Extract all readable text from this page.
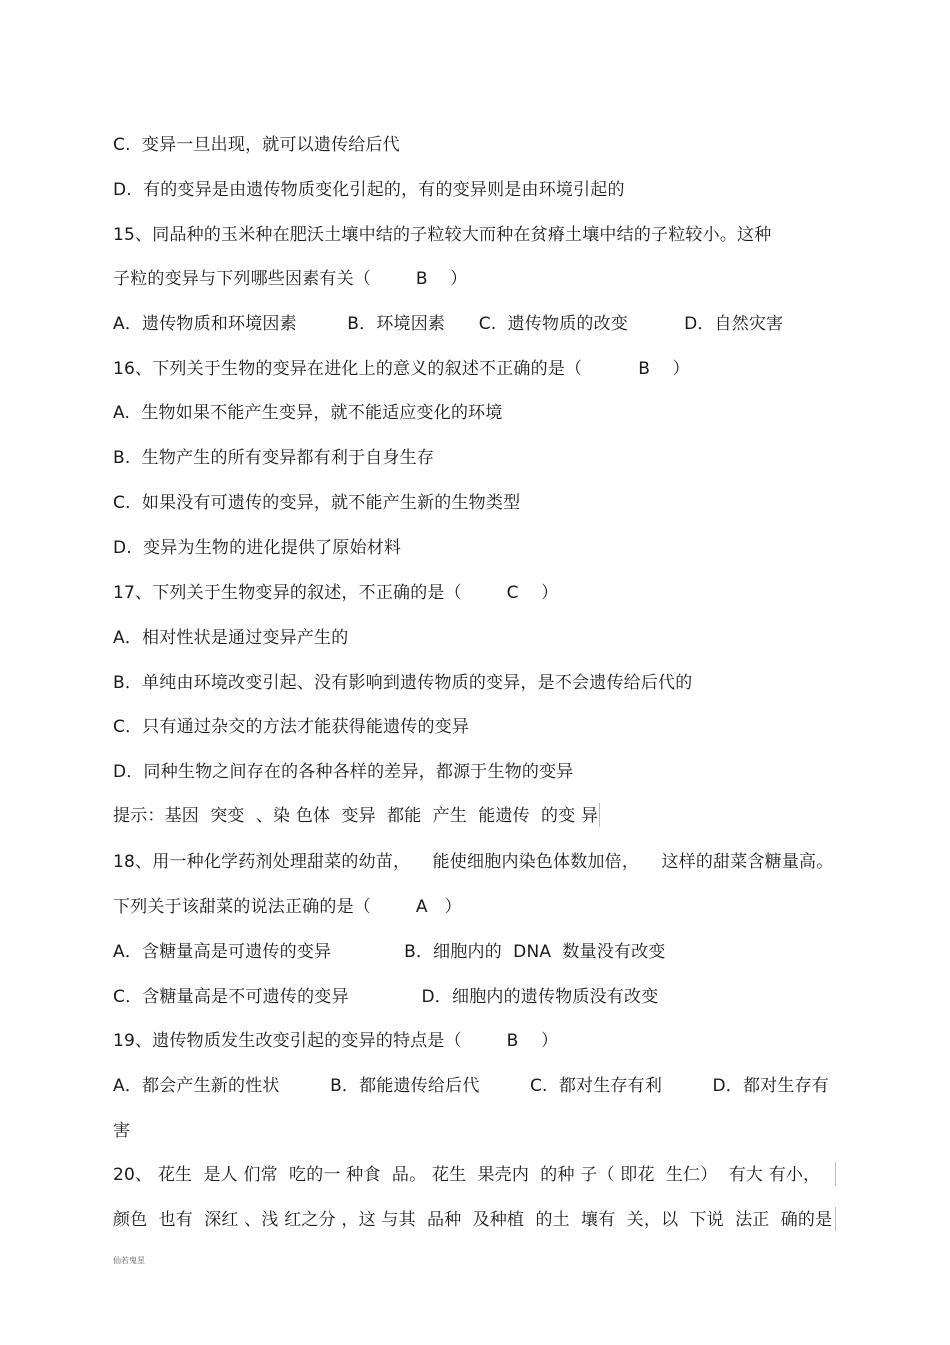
C.  变异一旦出现，就可以遗传给后代
D.  有的变异是由遗传物质变化引起的，有的变异则是由环境引起的
15、同品种的玉米种在肥沃土壤中结的子粒较大而种在贫瘠土壤中结的子粒较小。这种
子粒的变异与下列哪些因素有关（        B    ）
A．遗传物质和环境因素         B．环境因素      C.  遗传物质的改变          D．自然灾害
16、下列关于生物的变异在进化上的意义的叙述不正确的是（          B    ）
A.  生物如果不能产生变异，就不能适应变化的环境
B.  生物产生的所有变异都有利于自身生存
C.  如果没有可遗传的变异，就不能产生新的生物类型
D.  变异为生物的进化提供了原始材料
17、下列关于生物变异的叙述，不正确的是（        C    ）
A．相对性状是通过变异产生的
B．单纯由环境改变引起、没有影响到遗传物质的变异，是不会遗传给后代的
C．只有通过杂交的方法才能获得能遗传的变异
D．同种生物之间存在的各种各样的差异，都源于生物的变异
提示：基因  突变  、染 色体  变异  都能  产生  能遗传  的变 异
18、用一种化学药剂处理甜菜的幼苗，    能使细胞内染色体数加倍，    这样的甜菜含糖量高。
下列关于该甜菜的说法正确的是（        A   ）
A．含糖量高是可遗传的变异             B．细胞内的  DNA  数量没有改变
C．含糖量高是不可遗传的变异             D．细胞内的遗传物质没有改变
19、遗传物质发生改变引起的变异的特点是（        B    ）
A．都会产生新的性状         B．都能遗传给后代         C.  都对生存有利         D．都对生存有
害
20、 花生  是人 们常  吃的一 种食  品。 花生  果壳内  的种 子（ 即花  生仁）  有大 有小，
颜色  也有  深红 、浅 红之分 ，这 与其  品种  及种植  的土  壤有  关，以  下说  法正  确的是
仙若鬼星
